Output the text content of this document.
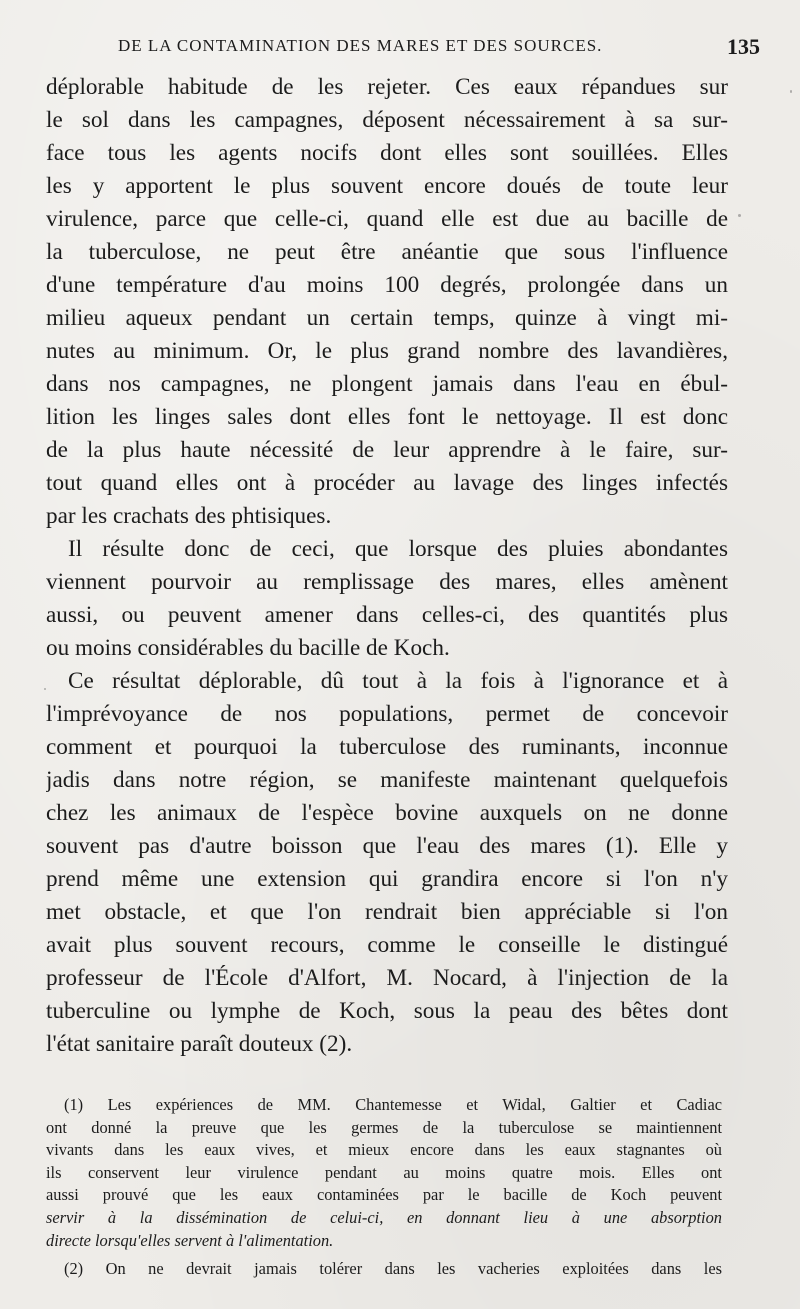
DE LA CONTAMINATION DES MARES ET DES SOURCES.	135
déplorable habitude de les rejeter. Ces eaux répandues sur
le sol dans les campagnes, déposent nécessairement à sa sur-
face tous les agents nocifs dont elles sont souillées. Elles
les y apportent le plus souvent encore doués de toute leur
virulence, parce que celle-ci, quand elle est due au bacille de
la tuberculose, ne peut être anéantie que sous l'influence
d'une température d'au moins 100 degrés, prolongée dans un
milieu aqueux pendant un certain temps, quinze à vingt mi-
nutes au minimum. Or, le plus grand nombre des lavandières,
dans nos campagnes, ne plongent jamais dans l'eau en ébul-
lition les linges sales dont elles font le nettoyage. Il est donc
de la plus haute nécessité de leur apprendre à le faire, sur-
tout quand elles ont à procéder au lavage des linges infectés
par les crachats des phtisiques.
Il résulte donc de ceci, que lorsque des pluies abondantes
viennent pourvoir au remplissage des mares, elles amènent
aussi, ou peuvent amener dans celles-ci, des quantités plus
ou moins considérables du bacille de Koch.
Ce résultat déplorable, dû tout à la fois à l'ignorance et à
l'imprévoyance de nos populations, permet de concevoir
comment et pourquoi la tuberculose des ruminants, inconnue
jadis dans notre région, se manifeste maintenant quelquefois
chez les animaux de l'espèce bovine auxquels on ne donne
souvent pas d'autre boisson que l'eau des mares (1). Elle y
prend même une extension qui grandira encore si l'on n'y
met obstacle, et que l'on rendrait bien appréciable si l'on
avait plus souvent recours, comme le conseille le distingué
professeur de l'École d'Alfort, M. Nocard, à l'injection de la
tuberculine ou lymphe de Koch, sous la peau des bêtes dont
l'état sanitaire paraît douteux (2).
(1) Les expériences de MM. Chantemesse et Widal, Galtier et Cadiac
ont donné la preuve que les germes de la tuberculose se maintiennent
vivants dans les eaux vives, et mieux encore dans les eaux stagnantes où
ils conservent leur virulence pendant au moins quatre mois. Elles ont
aussi prouvé que les eaux contaminées par le bacille de Koch peuvent
servir à la dissémination de celui-ci, en donnant lieu à une absorption
directe lorsqu'elles servent à l'alimentation.
(2) On ne devrait jamais tolérer dans les vacheries exploitées dans les
